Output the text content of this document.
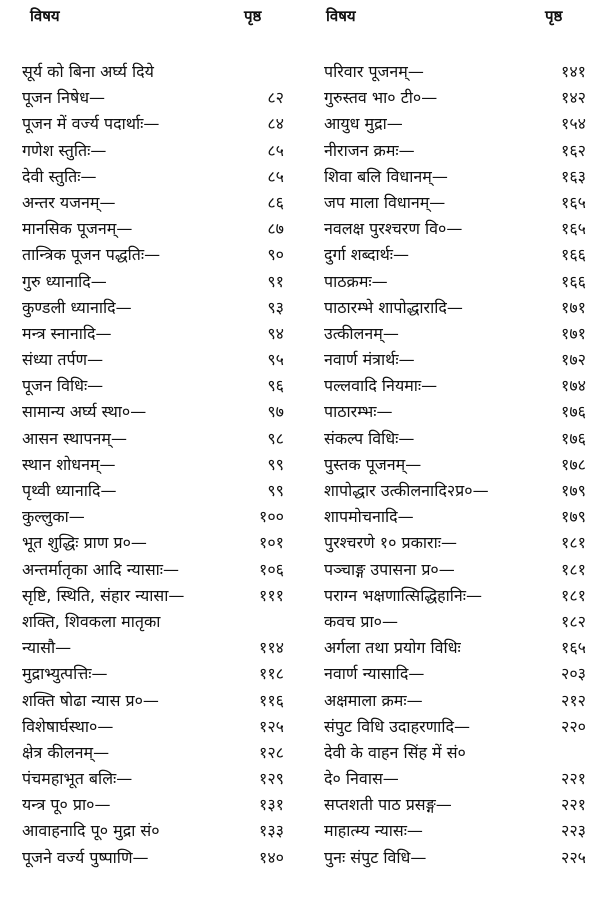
विषय	पृष्ठ	विषय	पृष्ठ
सूर्य को बिना अर्घ्य दिये
पूजन निषेध—	८२
पूजन में वर्ज्य पदार्थाः—	८४
गणेश स्तुतिः—	८५
देवी स्तुतिः—	८५
अन्तर यजनम्—	८६
मानसिक पूजनम्—	८७
तान्त्रिक पूजन पद्धतिः—	९०
गुरु ध्यानादि—	९१
कुण्डली ध्यानादि—	९३
मन्त्र स्नानादि—	९४
संध्या तर्पण—	९५
पूजन विधिः—	९६
सामान्य अर्घ्य स्था०—	९७
आसन स्थापनम्—	९८
स्थान शोधनम्—	९९
पृथ्वी ध्यानादि—	९९
कुल्लुका—	१००
भूत शुद्धिः प्राण प्र०—	१०१
अन्तर्मातृका आदि न्यासाः—	१०६
सृष्टि, स्थिति, संहार न्यासा—	१११
शक्ति, शिवकला मातृका
न्यासौ—	११४
मुद्राभ्युत्पत्तिः—	११८
शक्ति षोढा न्यास प्र०—	११६
विशेषार्घस्था०—	१२५
क्षेत्र कीलनम्—	१२८
पंचमहाभूत बलिः—	१२९
यन्त्र पू० प्रा०—	१३१
आवाहनादि पू० मुद्रा सं०	१३३
पूजने वर्ज्य पुष्पाणि—	१४०
परिवार पूजनम्—	१४१
गुरुस्तव भा० टी०—	१४२
आयुध मुद्रा—	१५४
नीराजन क्रमः—	१६२
शिवा बलि विधानम्—	१६३
जप माला विधानम्—	१६५
नवलक्ष पुरश्चरण वि०—	१६५
दुर्गा शब्दार्थः—	१६६
पाठक्रमः—	१६६
पाठारम्भे शापोद्धारादि—	१७१
उत्कीलनम्—	१७१
नवार्ण मंत्रार्थः—	१७२
पल्लवादि नियमाः—	१७४
पाठारम्भः—	१७६
संकल्प विधिः—	१७६
पुस्तक पूजनम्—	१७८
शापोद्धार उत्कीलनादि२प्र०—	१७९
शापमोचनादि—	१७९
पुरश्चरणे १० प्रकाराः—	१८१
पञ्चाङ्ग उपासना प्र०—	१८१
पराग्न भक्षणात्सिद्धिहानिः—	१८१
कवच प्रा०—	१८२
अर्गला तथा प्रयोग विधिः	१६५
नवार्ण न्यासादि—	२०३
अक्षमाला क्रमः—	२१२
संपुट विधि उदाहरणादि—	२२०
देवी के वाहन सिंह में सं०
दे० निवास—	२२१
सप्तशती पाठ प्रसङ्ग—	२२१
माहात्म्य न्यासः—	२२३
पुनः संपुट विधि—	२२५
